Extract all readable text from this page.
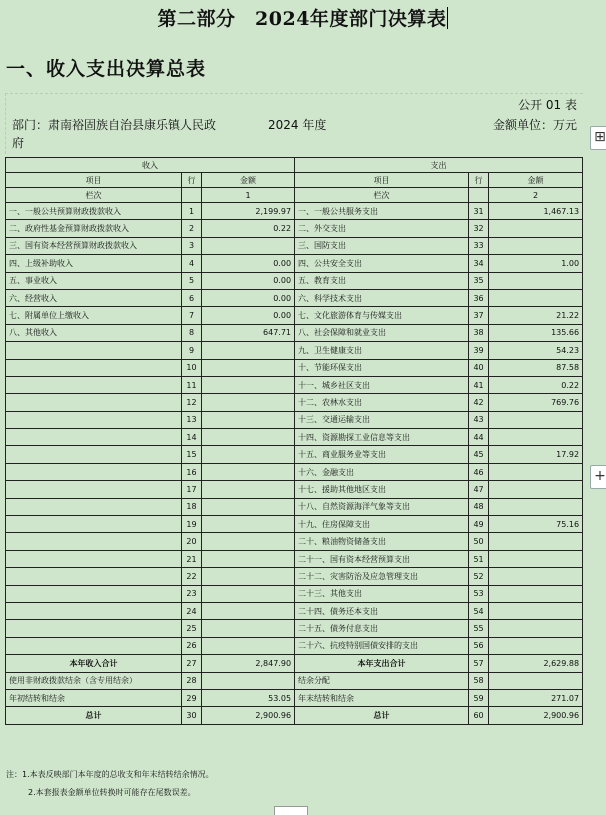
第二部分　2024年度部门决算表
一、收入支出决算总表
公开 01 表
部门：肃南裕固族自治县康乐镇人民政府
2024 年度	金额单位：万元
⊞
+
收入			支出		
项目	行	金额	项目	行	金额
栏次		1	栏次		2
一、一般公共预算财政拨款收入	1	2,199.97	一、一般公共服务支出	31	1,467.13
二、政府性基金预算财政拨款收入	2	0.22	二、外交支出	32	
三、国有资本经营预算财政拨款收入	3		三、国防支出	33	
四、上级补助收入	4	0.00	四、公共安全支出	34	1.00
五、事业收入	5	0.00	五、教育支出	35	
六、经营收入	6	0.00	六、科学技术支出	36	
七、附属单位上缴收入	7	0.00	七、文化旅游体育与传媒支出	37	21.22
八、其他收入	8	647.71	八、社会保障和就业支出	38	135.66
	9		九、卫生健康支出	39	54.23
	10		十、节能环保支出	40	87.58
	11		十一、城乡社区支出	41	0.22
	12		十二、农林水支出	42	769.76
	13		十三、交通运输支出	43	
	14		十四、资源勘探工业信息等支出	44	
	15		十五、商业服务业等支出	45	17.92
	16		十六、金融支出	46	
	17		十七、援助其他地区支出	47	
	18		十八、自然资源海洋气象等支出	48	
	19		十九、住房保障支出	49	75.16
	20		二十、粮油物资储备支出	50	
	21		二十一、国有资本经营预算支出	51	
	22		二十二、灾害防治及应急管理支出	52	
	23		二十三、其他支出	53	
	24		二十四、债务还本支出	54	
	25		二十五、债务付息支出	55	
	26		二十六、抗疫特别国债安排的支出	56	
本年收入合计	27	2,847.90	本年支出合计	57	2,629.88
使用非财政拨款结余（含专用结余）	28		结余分配	58	
年初结转和结余	29	53.05	年末结转和结余	59	271.07
总计	30	2,900.96	总计	60	2,900.96
注：1.本表反映部门本年度的总收支和年末结转结余情况。
2.本套报表金额单位转换时可能存在尾数误差。
